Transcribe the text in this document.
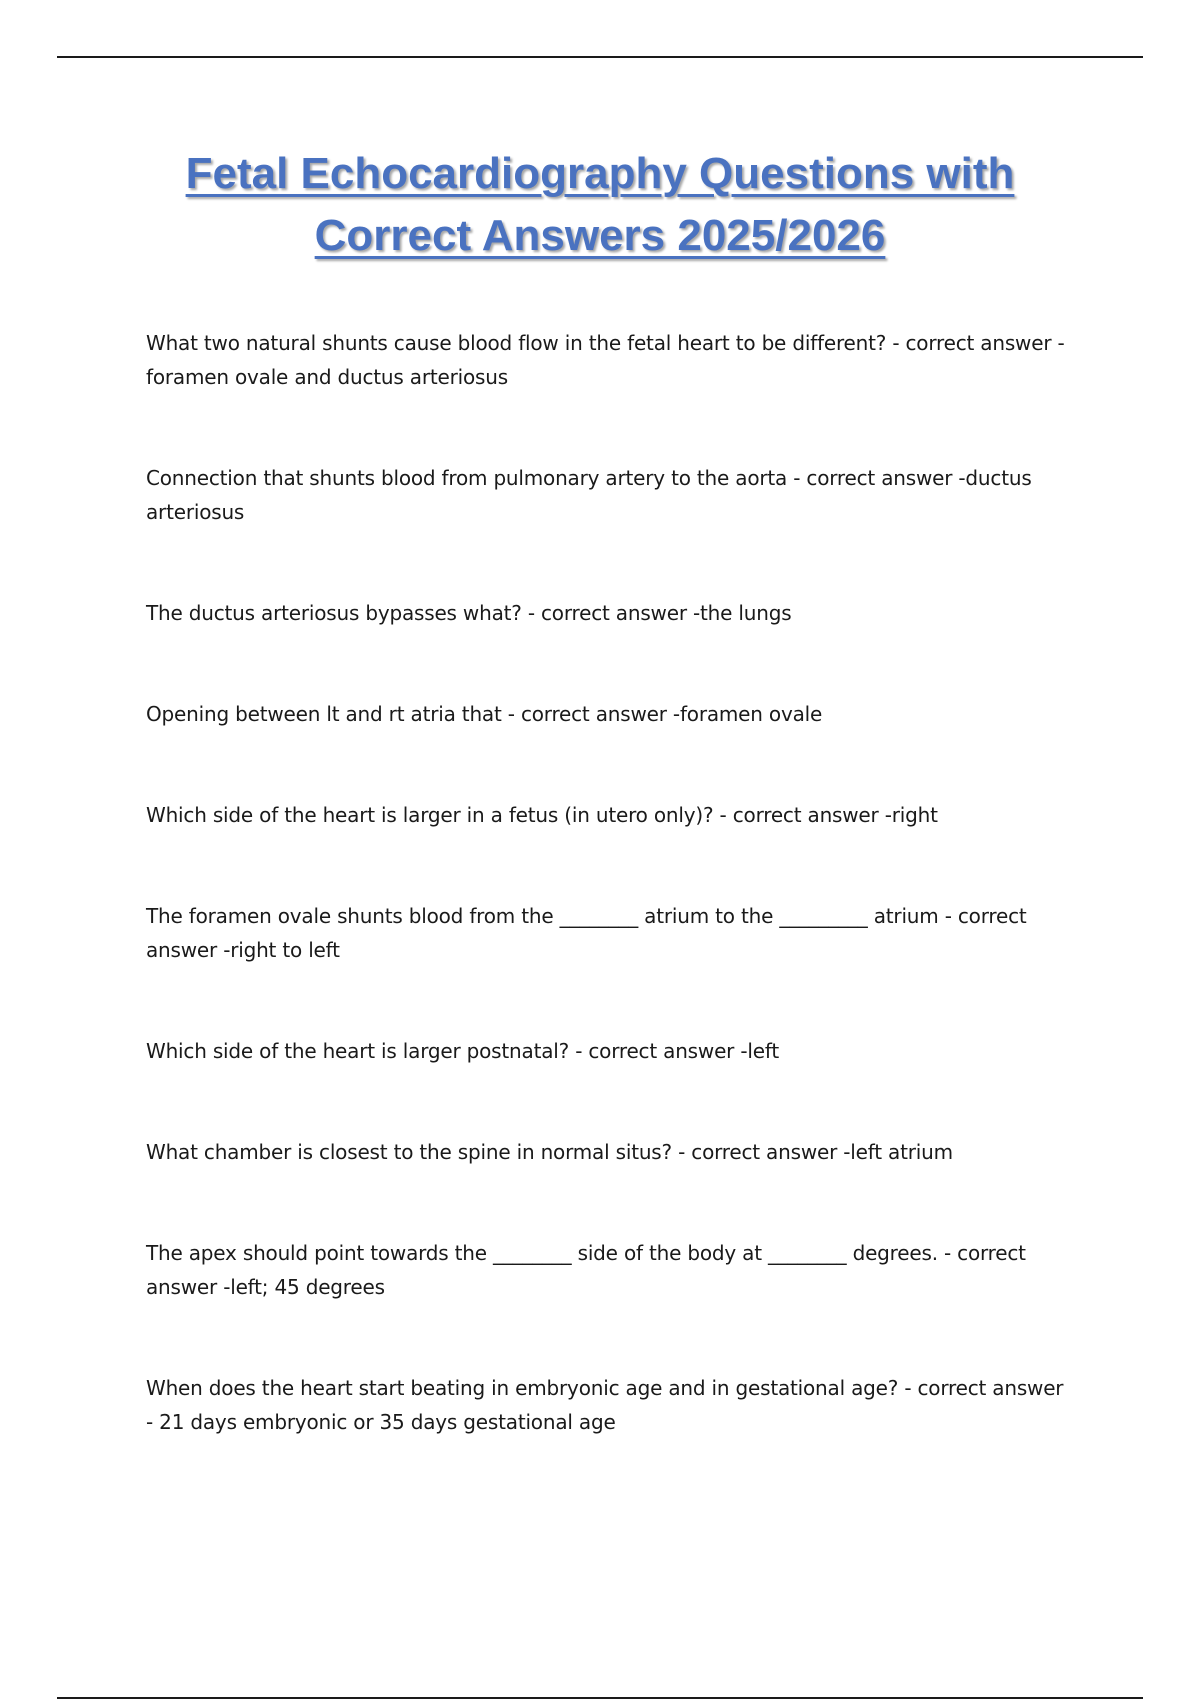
Fetal Echocardiography Questions with
Correct Answers 2025/2026
What two natural shunts cause blood flow in the fetal heart to be different? - correct answer - foramen ovale and ductus arteriosus
Connection that shunts blood from pulmonary artery to the aorta - correct answer -ductus arteriosus
The ductus arteriosus bypasses what? - correct answer -the lungs
Opening between lt and rt atria that - correct answer -foramen ovale
Which side of the heart is larger in a fetus (in utero only)? - correct answer -right
The foramen ovale shunts blood from the ________ atrium to the _________ atrium - correct answer -right to left
Which side of the heart is larger postnatal? - correct answer -left
What chamber is closest to the spine in normal situs? - correct answer -left atrium
The apex should point towards the ________ side of the body at ________ degrees. - correct answer -left; 45 degrees
When does the heart start beating in embryonic age and in gestational age? - correct answer - 21 days embryonic or 35 days gestational age
